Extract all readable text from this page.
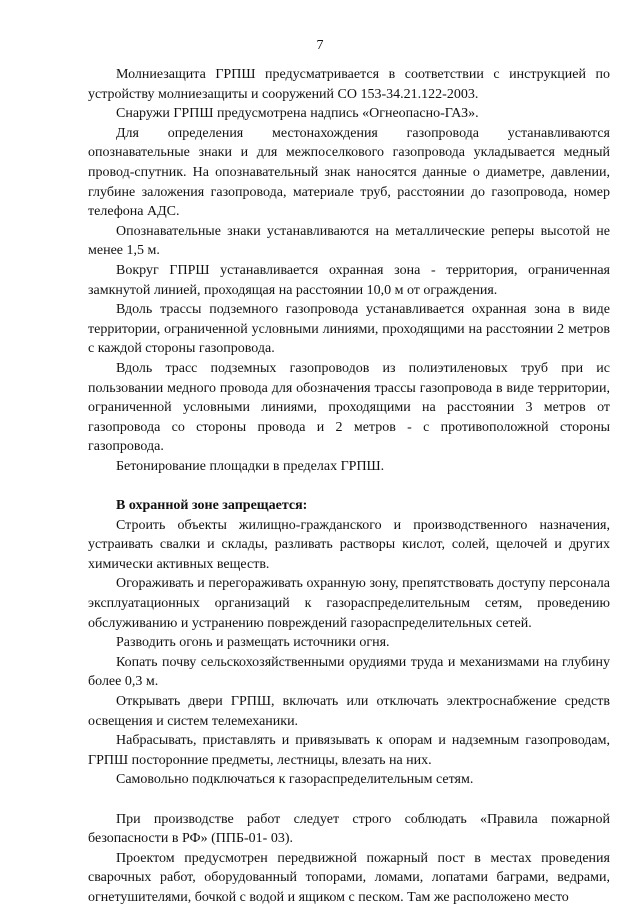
7

Молниезащита ГРПШ предусматривается в соответствии с инструкцией по устройству молниезащиты и сооружений СО 153-34.21.122-2003.

Снаружи ГРПШ предусмотрена надпись «Огнеопасно-ГАЗ».

Для определения местонахождения газопровода устанавливаются опознавательные знаки и для межпоселкового газопровода укладывается медный провод-спутник. На опознавательный знак наносятся данные о диаметре, давлении, глубине заложения газопровода, материале труб, расстоянии до газопровода, номер телефона АДС.

Опознавательные знаки устанавливаются на металлические реперы высотой не менее 1,5 м.

Вокруг ГПРШ устанавливается охранная зона - территория, ограниченная замкнутой линией, проходящая на расстоянии 10,0 м от ограждения.

Вдоль трассы подземного газопровода устанавливается охранная зона в виде территории, ограниченной условными линиями, проходящими на расстоянии 2 метров с каждой стороны газопровода.

Вдоль трасс подземных газопроводов из полиэтиленовых труб при ис пользовании медного провода для обозначения трассы газопровода в виде территории, ограниченной условными линиями, проходящими на расстоянии 3 метров от газопровода со стороны провода и 2 метров - с противоположной стороны газопровода.

Бетонирование площадки в пределах ГРПШ.

В охранной зоне запрещается:

Строить объекты жилищно-гражданского и производственного назначения, устраивать свалки и склады, разливать растворы кислот, солей, щелочей и других химически активных веществ.

Огораживать и перегораживать охранную зону, препятствовать доступу персонала эксплуатационных организаций к газораспределительным сетям, проведению обслуживанию и устранению повреждений газораспределительных сетей.

Разводить огонь и размещать источники огня.

Копать почву сельскохозяйственными орудиями труда и механизмами на глубину более 0,3 м.

Открывать двери ГРПШ, включать или отключать электроснабжение средств освещения и систем телемеханики.

Набрасывать, приставлять и привязывать к опорам и надземным газопроводам, ГРПШ посторонние предметы, лестницы, влезать на них.

Самовольно подключаться к газораспределительным сетям.

При производстве работ следует строго соблюдать «Правила пожарной безопасности в РФ» (ППБ-01- 03).

Проектом предусмотрен передвижной пожарный пост в местах проведения сварочных работ, оборудованный топорами, ломами, лопатами баграми, ведрами, огнетушителями, бочкой с водой и ящиком с песком. Там же расположено место
